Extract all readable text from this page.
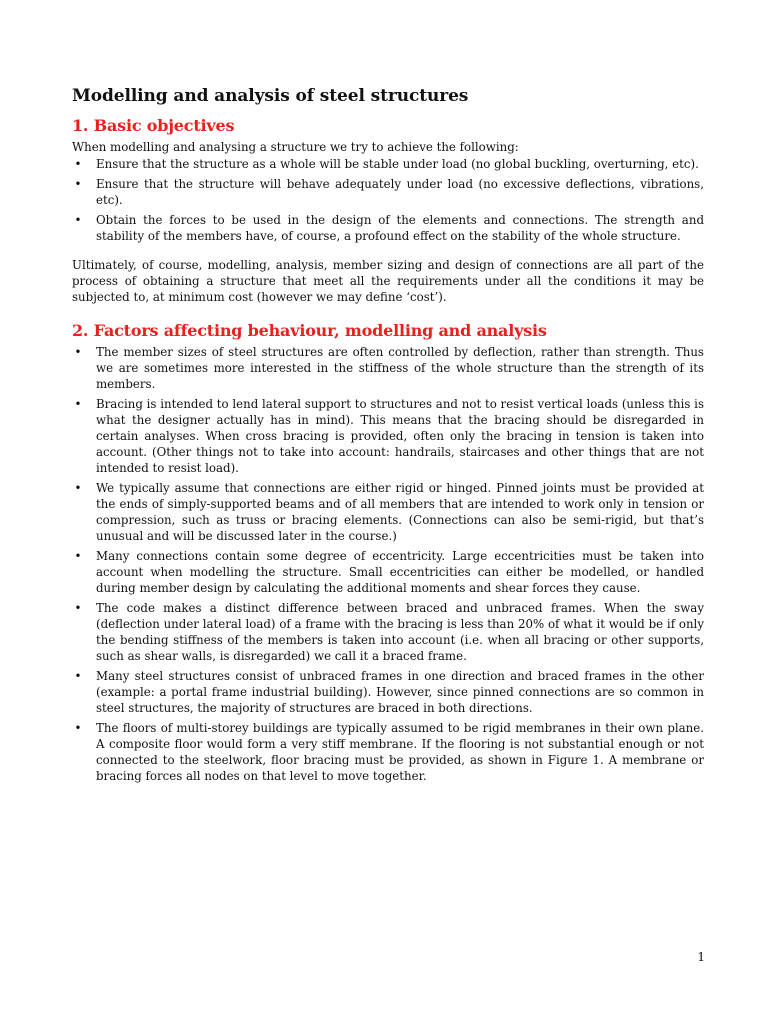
Modelling and analysis of steel structures
1. Basic objectives

When modelling and analysing a structure we try to achieve the following:

• Ensure that the structure as a whole will be stable under load (no global buckling, overturning, etc).
• Ensure that the structure will behave adequately under load (no excessive deflections, vibrations, etc).
• Obtain the forces to be used in the design of the elements and connections. The strength and stability of the members have, of course, a profound effect on the stability of the whole structure.

Ultimately, of course, modelling, analysis, member sizing and design of connections are all part of the process of obtaining a structure that meet all the requirements under all the conditions it may be subjected to, at minimum cost (however we may define ‘cost’).

2. Factors affecting behaviour, modelling and analysis
• The member sizes of steel structures are often controlled by deflection, rather than strength. Thus we are sometimes more interested in the stiffness of the whole structure than the strength of its members.
• Bracing is intended to lend lateral support to structures and not to resist vertical loads (unless this is what the designer actually has in mind). This means that the bracing should be disregarded in certain analyses. When cross bracing is provided, often only the bracing in tension is taken into account. (Other things not to take into account: handrails, staircases and other things that are not intended to resist load).
• We typically assume that connections are either rigid or hinged. Pinned joints must be provided at the ends of simply-supported beams and of all members that are intended to work only in tension or compression, such as truss or bracing elements. (Connections can also be semi-rigid, but that’s unusual and will be discussed later in the course.)
• Many connections contain some degree of eccentricity. Large eccentricities must be taken into account when modelling the structure. Small eccentricities can either be modelled, or handled during member design by calculating the additional moments and shear forces they cause.
• The code makes a distinct difference between braced and unbraced frames. When the sway (deflection under lateral load) of a frame with the bracing is less than 20% of what it would be if only the bending stiffness of the members is taken into account (i.e. when all bracing or other supports, such as shear walls, is disregarded) we call it a braced frame.
• Many steel structures consist of unbraced frames in one direction and braced frames in the other (example: a portal frame industrial building). However, since pinned connections are so common in steel structures, the majority of structures are braced in both directions.
• The floors of multi-storey buildings are typically assumed to be rigid membranes in their own plane. A composite floor would form a very stiff membrane. If the flooring is not substantial enough or not connected to the steelwork, floor bracing must be provided, as shown in Figure 1. A membrane or bracing forces all nodes on that level to move together.
1
